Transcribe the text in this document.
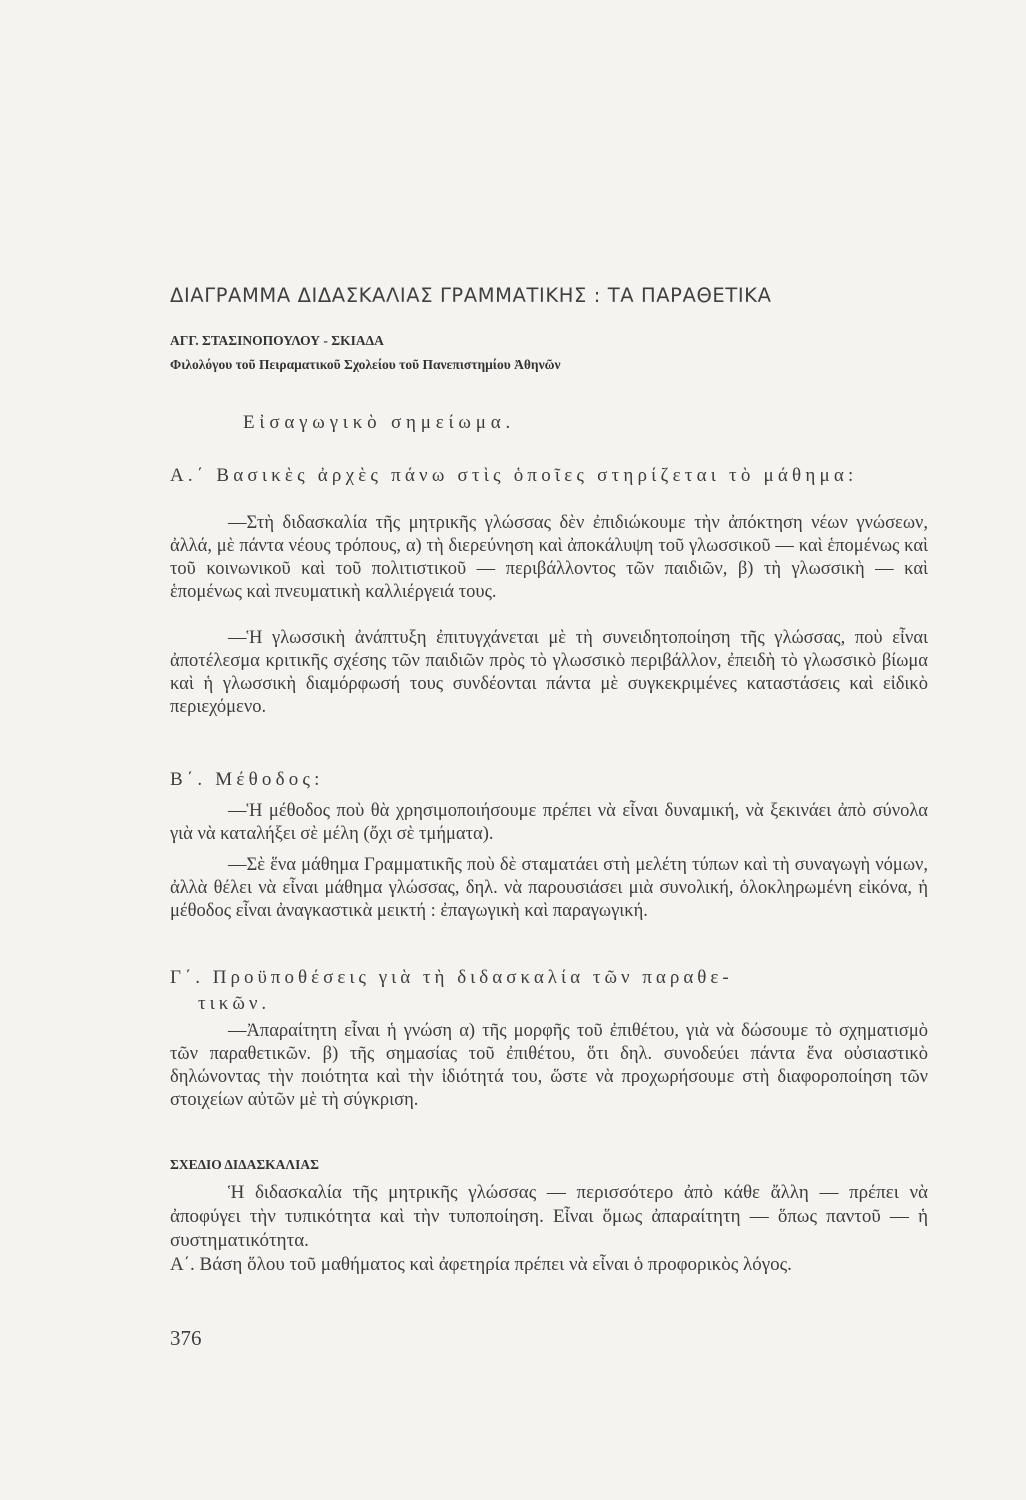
ΔΙΑΓΡΑΜΜΑ ΔΙΔΑΣΚΑΛΙΑΣ ΓΡΑΜΜΑΤΙΚΗΣ : ΤΑ ΠΑΡΑΘΕΤΙΚΑ
ΑΓΓ. ΣΤΑΣΙΝΟΠΟΥΛΟΥ - ΣΚΙΑΔΑ
Φιλολόγου τοῦ Πειραματικοῦ Σχολείου τοῦ Πανεπιστημίου Ἀθηνῶν
Εἰσαγωγικὸ σημείωμα.
Α.΄ Βασικὲς ἀρχὲς πάνω στὶς ὁποῖες στηρίζεται τὸ μάθημα:
—Στὴ διδασκαλία τῆς μητρικῆς γλώσσας δὲν ἐπιδιώκουμε τὴν ἀπόκτηση νέων γνώσεων, ἀλλά, μὲ πάντα νέους τρόπους, α) τὴ διερεύνηση καὶ ἀποκάλυψη τοῦ γλωσσικοῦ — καὶ ἑπομένως καὶ τοῦ κοινωνικοῦ καὶ τοῦ πολιτιστικοῦ — περιβάλλοντος τῶν παιδιῶν, β) τὴ γλωσσικὴ — καὶ ἑπομένως καὶ πνευματικὴ καλλιέργειά τους.
—Ἡ γλωσσικὴ ἀνάπτυξη ἐπιτυγχάνεται μὲ τὴ συνειδητοποίηση τῆς γλώσσας, ποὺ εἶναι ἀποτέλεσμα κριτικῆς σχέσης τῶν παιδιῶν πρὸς τὸ γλωσσικὸ περιβάλλον, ἐπειδὴ τὸ γλωσσικὸ βίωμα καὶ ἡ γλωσσικὴ διαμόρφωσή τους συνδέονται πάντα μὲ συγκεκριμένες καταστάσεις καὶ εἰδικὸ περιεχόμενο.
Β΄. Μέθοδος:
—Ἡ μέθοδος ποὺ θὰ χρησιμοποιήσουμε πρέπει νὰ εἶναι δυναμική, νὰ ξεκινάει ἀπὸ σύνολα γιὰ νὰ καταλήξει σὲ μέλη (ὄχι σὲ τμήματα).
—Σὲ ἕνα μάθημα Γραμματικῆς ποὺ δὲ σταματάει στὴ μελέτη τύπων καὶ τὴ συναγωγὴ νόμων, ἀλλὰ θέλει νὰ εἶναι μάθημα γλώσσας, δηλ. νὰ παρουσιάσει μιὰ συνολική, ὁλοκληρωμένη εἰκόνα, ἡ μέθοδος εἶναι ἀναγκαστικὰ μεικτή : ἐπαγωγικὴ καὶ παραγωγική.
Γ΄. Προϋποθέσεις γιὰ τὴ διδασκαλία τῶν παραθε-
τικῶν.
—Ἀπαραίτητη εἶναι ἡ γνώση α) τῆς μορφῆς τοῦ ἐπιθέτου, γιὰ νὰ δώσουμε τὸ σχηματισμὸ τῶν παραθετικῶν. β) τῆς σημασίας τοῦ ἐπιθέτου, ὅτι δηλ. συνοδεύει πάντα ἕνα οὐσιαστικὸ δηλώνοντας τὴν ποιότητα καὶ τὴν ἰδιότητά του, ὥστε νὰ προχωρήσουμε στὴ διαφοροποίηση τῶν στοιχείων αὐτῶν μὲ τὴ σύγκριση.
ΣΧΕΔΙΟ ΔΙΔΑΣΚΑΛΙΑΣ
Ἡ διδασκαλία τῆς μητρικῆς γλώσσας — περισσότερο ἀπὸ κάθε ἄλλη — πρέπει νὰ ἀποφύγει τὴν τυπικότητα καὶ τὴν τυποποίηση. Εἶναι ὅμως ἀπαραίτητη — ὅπως παντοῦ — ἡ συστηματικότητα.
Α΄. Βάση ὅλου τοῦ μαθήματος καὶ ἀφετηρία πρέπει νὰ εἶναι ὁ προφορικὸς λόγος.
376
